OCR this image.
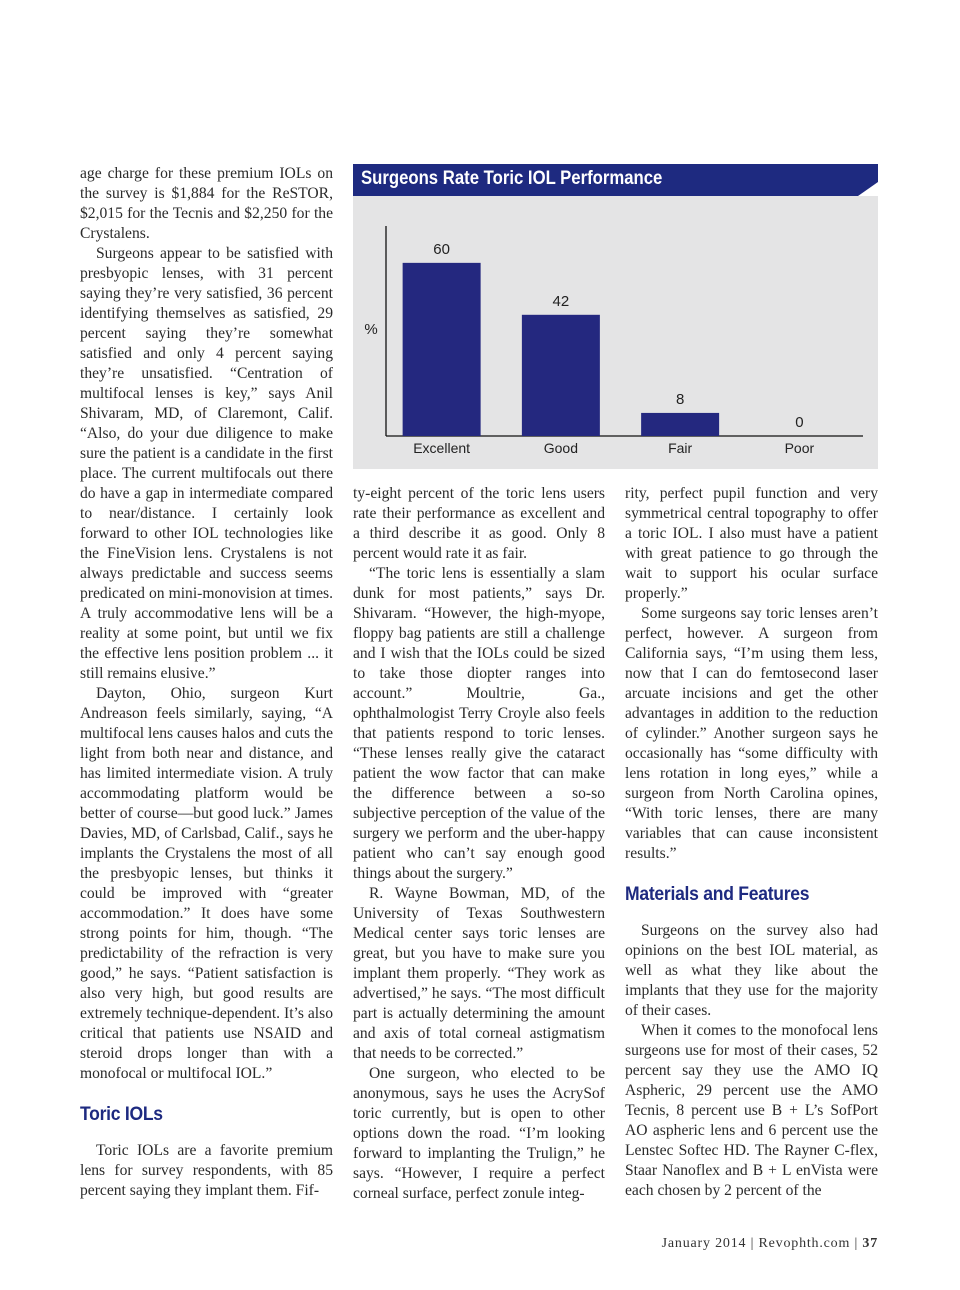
age charge for these premium IOLs on the survey is $1,884 for the ReSTOR, $2,015 for the Tecnis and $2,250 for the Crystalens.

Surgeons appear to be satisfied with presbyopic lenses, with 31 percent saying they’re very satisfied, 36 percent identifying themselves as satisfied, 29 percent saying they’re somewhat satisfied and only 4 percent saying they’re unsatisfied. “Centration of multifocal lenses is key,” says Anil Shivaram, MD, of Claremont, Calif. “Also, do your due diligence to make sure the patient is a candidate in the first place. The current multifocals out there do have a gap in intermediate compared to near/distance. I certainly look forward to other IOL technologies like the FineVision lens. Crystalens is not always predictable and success seems predicated on mini-monovision at times. A truly accommodative lens will be a reality at some point, but until we fix the effective lens position problem ... it still remains elusive.”

Dayton, Ohio, surgeon Kurt Andreason feels similarly, saying, “A multifocal lens causes halos and cuts the light from both near and distance, and has limited intermediate vision. A truly accommodating platform would be better of course—but good luck.” James Davies, MD, of Carlsbad, Calif., says he implants the Crystalens the most of all the presbyopic lenses, but thinks it could be improved with “greater accommodation.” It does have some strong points for him, though. “The predictability of the refraction is very good,” he says. “Patient satisfaction is also very high, but good results are extremely technique-dependent. It’s also critical that patients use NSAID and steroid drops longer than with a monofocal or multifocal IOL.”

Toric IOLs

Toric IOLs are a favorite premium lens for survey respondents, with 85 percent saying they implant them. Fif-

Surgeons Rate Toric IOL Performance
%
60
Excellent
42
Good
8
Fair
0
Poor

ty-eight percent of the toric lens users rate their performance as excellent and a third describe it as good. Only 8 percent would rate it as fair.

“The toric lens is essentially a slam dunk for most patients,” says Dr. Shivaram. “However, the high-myope, floppy bag patients are still a challenge and I wish that the IOLs could be sized to take those diopter ranges into account.” Moultrie, Ga., ophthalmologist Terry Croyle also feels that patients respond to toric lenses. “These lenses really give the cataract patient the wow factor that can make the difference between a so-so subjective perception of the value of the surgery we perform and the uber-happy patient who can’t say enough good things about the surgery.”

R. Wayne Bowman, MD, of the University of Texas Southwestern Medical center says toric lenses are great, but you have to make sure you implant them properly. “They work as advertised,” he says. “The most difficult part is actually determining the amount and axis of total corneal astigmatism that needs to be corrected.”

One surgeon, who elected to be anonymous, says he uses the AcrySof toric currently, but is open to other options down the road. “I’m looking forward to implanting the Trulign,” he says. “However, I require a perfect corneal surface, perfect zonule integ-

rity, perfect pupil function and very symmetrical central topography to offer a toric IOL. I also must have a patient with great patience to go through the wait to support his ocular surface properly.”

Some surgeons say toric lenses aren’t perfect, however. A surgeon from California says, “I’m using them less, now that I can do femtosecond laser arcuate incisions and get the other advantages in addition to the reduction of cylinder.” Another surgeon says he occasionally has “some difficulty with lens rotation in long eyes,” while a surgeon from North Carolina opines, “With toric lenses, there are many variables that can cause inconsistent results.”

Materials and Features

Surgeons on the survey also had opinions on the best IOL material, as well as what they like about the implants that they use for the majority of their cases.

When it comes to the monofocal lens surgeons use for most of their cases, 52 percent say they use the AMO IQ Aspheric, 29 percent use the AMO Tecnis, 8 percent use B + L’s SofPort AO aspheric lens and 6 percent use the Lenstec Softec HD. The Rayner C-flex, Staar Nanoflex and B + L enVista were each chosen by 2 percent of the

January 2014 | Revophth.com | 37
